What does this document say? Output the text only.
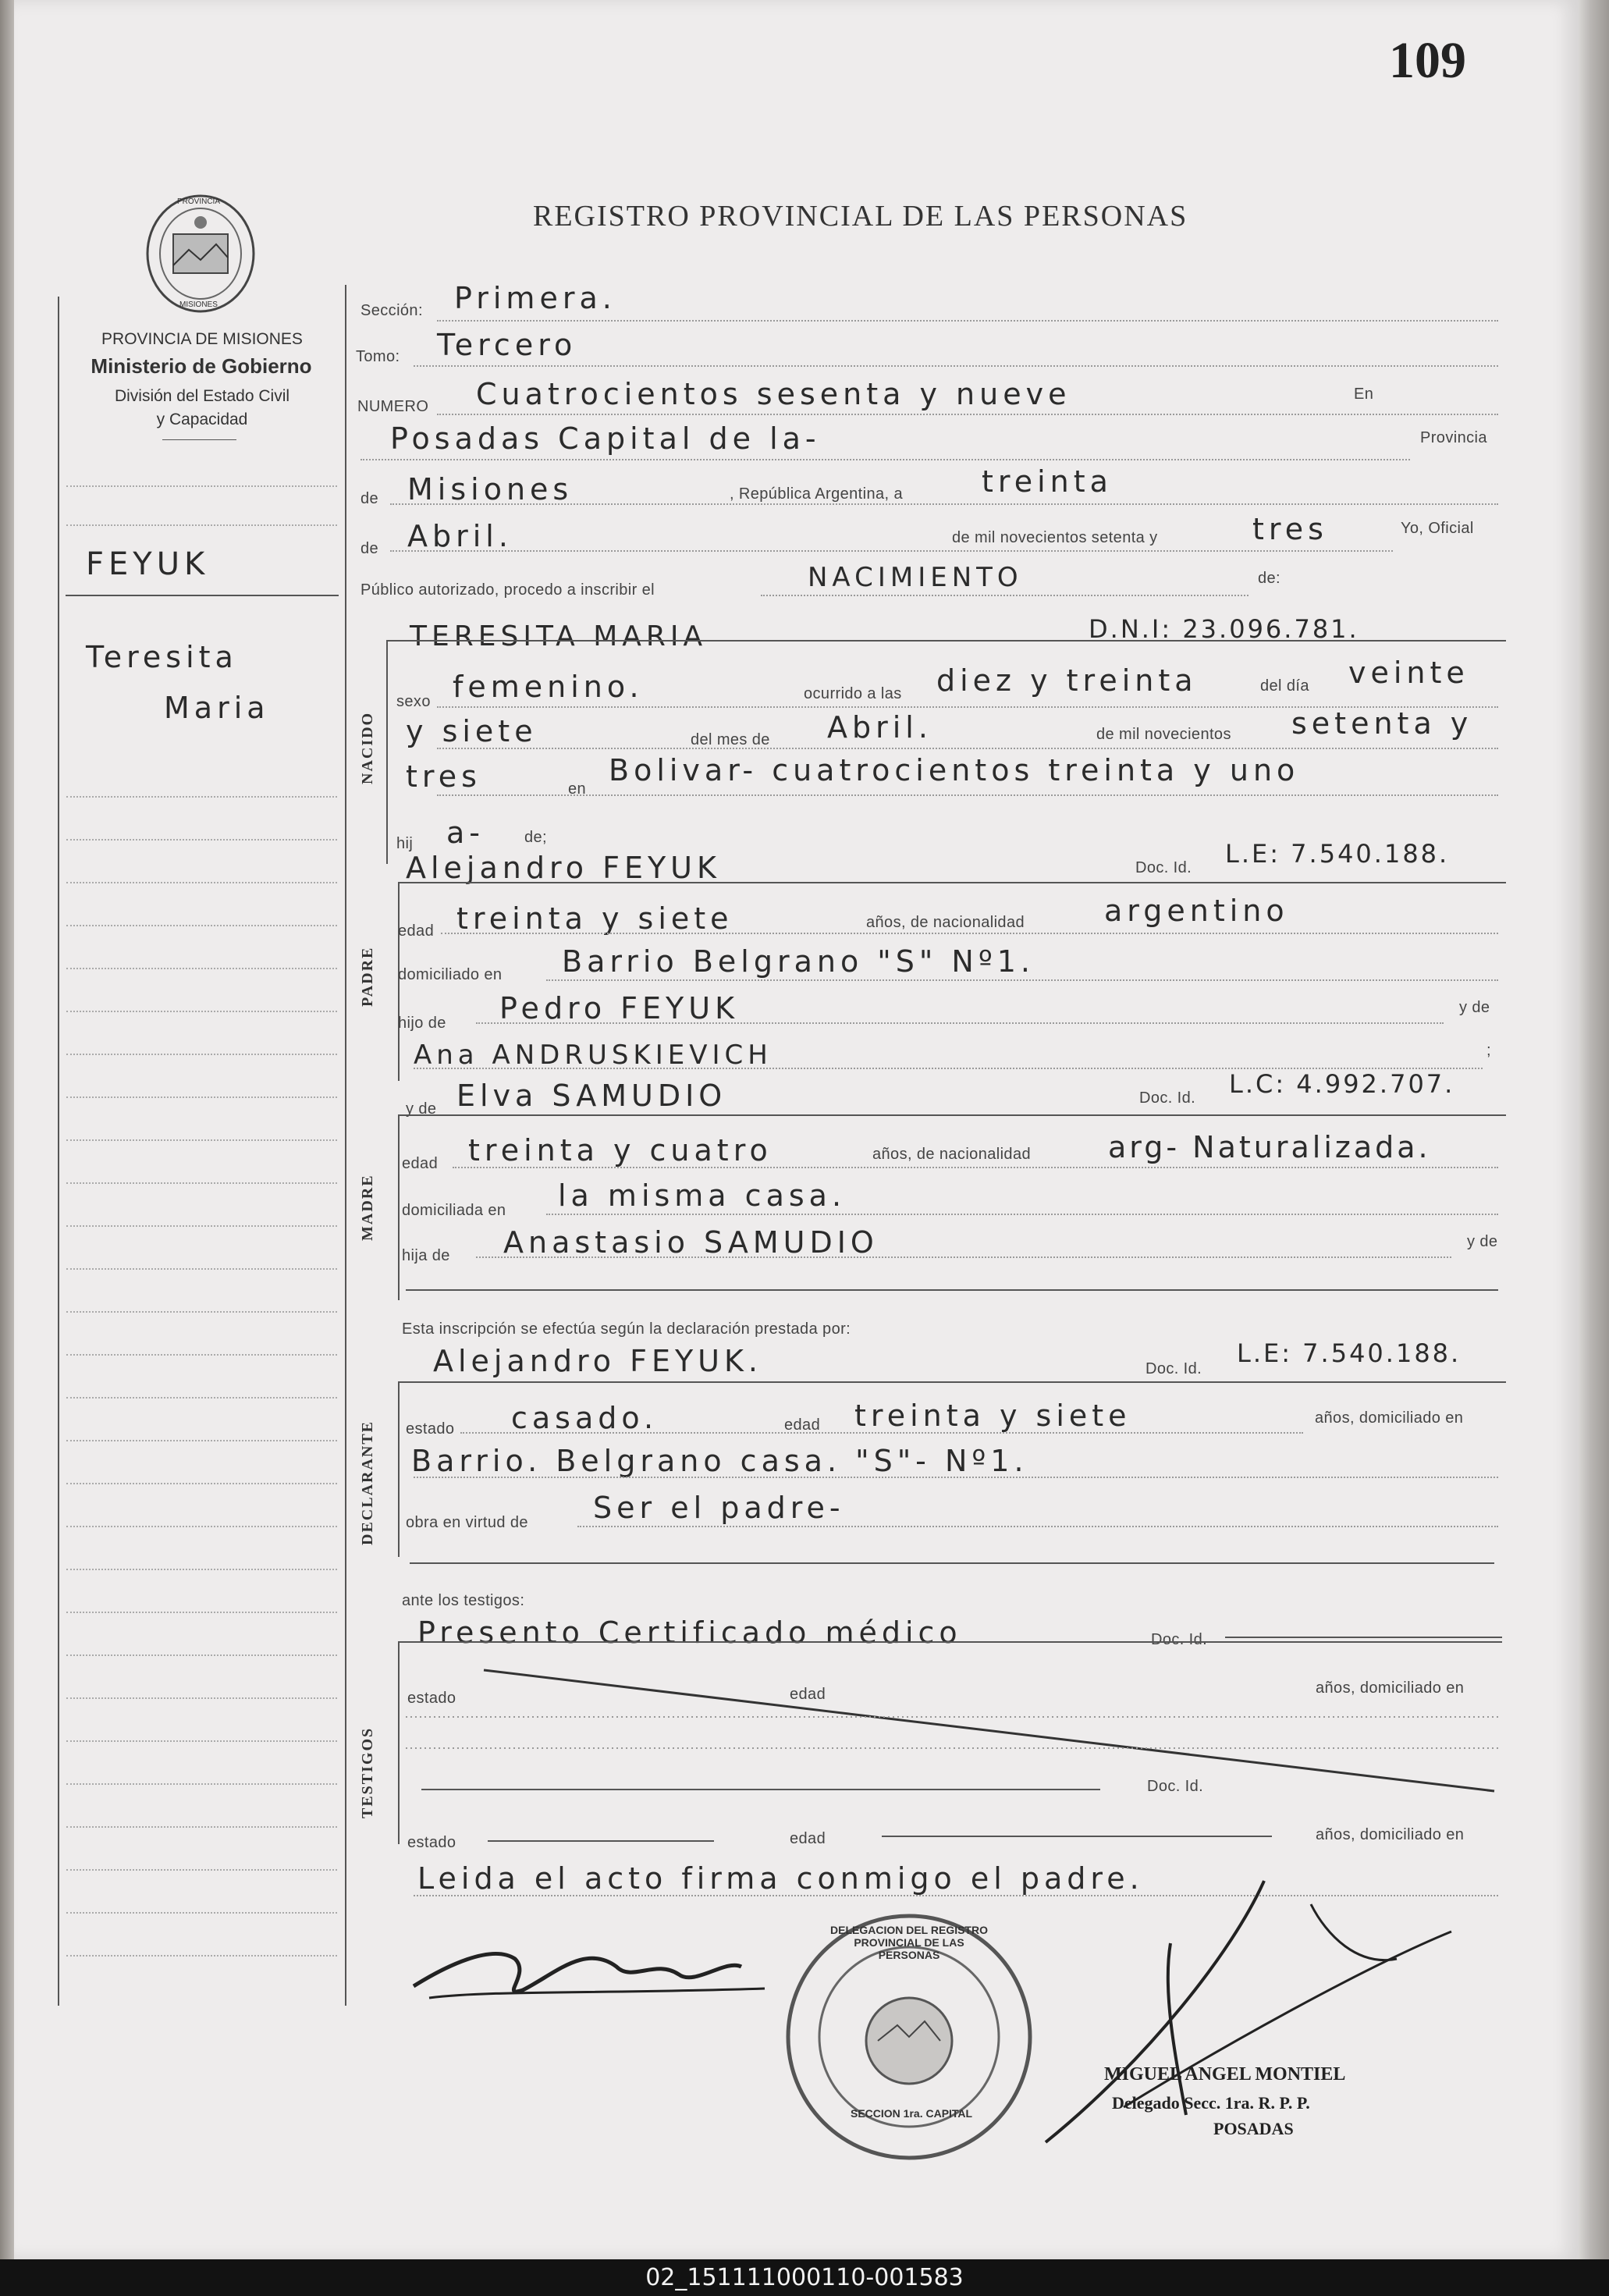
109
REGISTRO PROVINCIAL DE LAS PERSONAS
PROVINCIA
MISIONES
PROVINCIA DE MISIONES
Ministerio de Gobierno
División del Estado Civil
y Capacidad
FEYUK
Teresita
Maria
Sección: Primera.
Tomo: Tercero
NUMERO Cuatrocientos sesenta y nueve	En
Posadas Capital de la-	Provincia
de Misiones	, República Argentina, a	treinta
de Abril.	de mil novecientos setenta y	tres	Yo, Oficial
Público autorizado, procedo a inscribir el	NACIMIENTO	de:
TERESITA MARIA	D.N.I: 23.096.781.
NACIDO
sexo femenino.	ocurrido a las diez y treinta	del día veinte
y siete	del mes de Abril.	de mil novecientos setenta y
tres	en
Bolivar- cuatrocientos treinta y uno
hij a-	de;
Alejandro FEYUK	Doc. Id. L.E: 7.540.188.
PADRE
edad treinta y siete	años, de nacionalidad	argentino
domiciliado en Barrio Belgrano "S" Nº1.
hijo de Pedro FEYUK	y de
Ana ANDRUSKIEVICH	;
y de Elva SAMUDIO	Doc. Id. L.C: 4.992.707.
MADRE
edad treinta y cuatro	años, de nacionalidad	arg- Naturalizada.
domiciliada en la misma casa.
hija de Anastasio SAMUDIO	y de
Esta inscripción se efectúa según la declaración prestada por:
Alejandro FEYUK.	Doc. Id.
L.E: 7.540.188.
DECLARANTE estado casado.	edad treinta y siete	años, domiciliado en
Barrio. Belgrano casa. "S"- Nº1.
obra en virtud de Ser el padre-
ante los testigos:
Presento Certificado médico	Doc. Id.
TESTIGOS
estado	edad	años, domiciliado en
Doc. Id.
estado	edad	años, domiciliado en
Leida el acto firma conmigo el padre.
DELEGACION DEL REGISTRO PROVINCIAL DE LAS PERSONAS
SECCION 1ra. CAPITAL
MIGUEL ANGEL MONTIEL
Delegado Secc. 1ra. R. P. P.
POSADAS
02_151111000110-001583
